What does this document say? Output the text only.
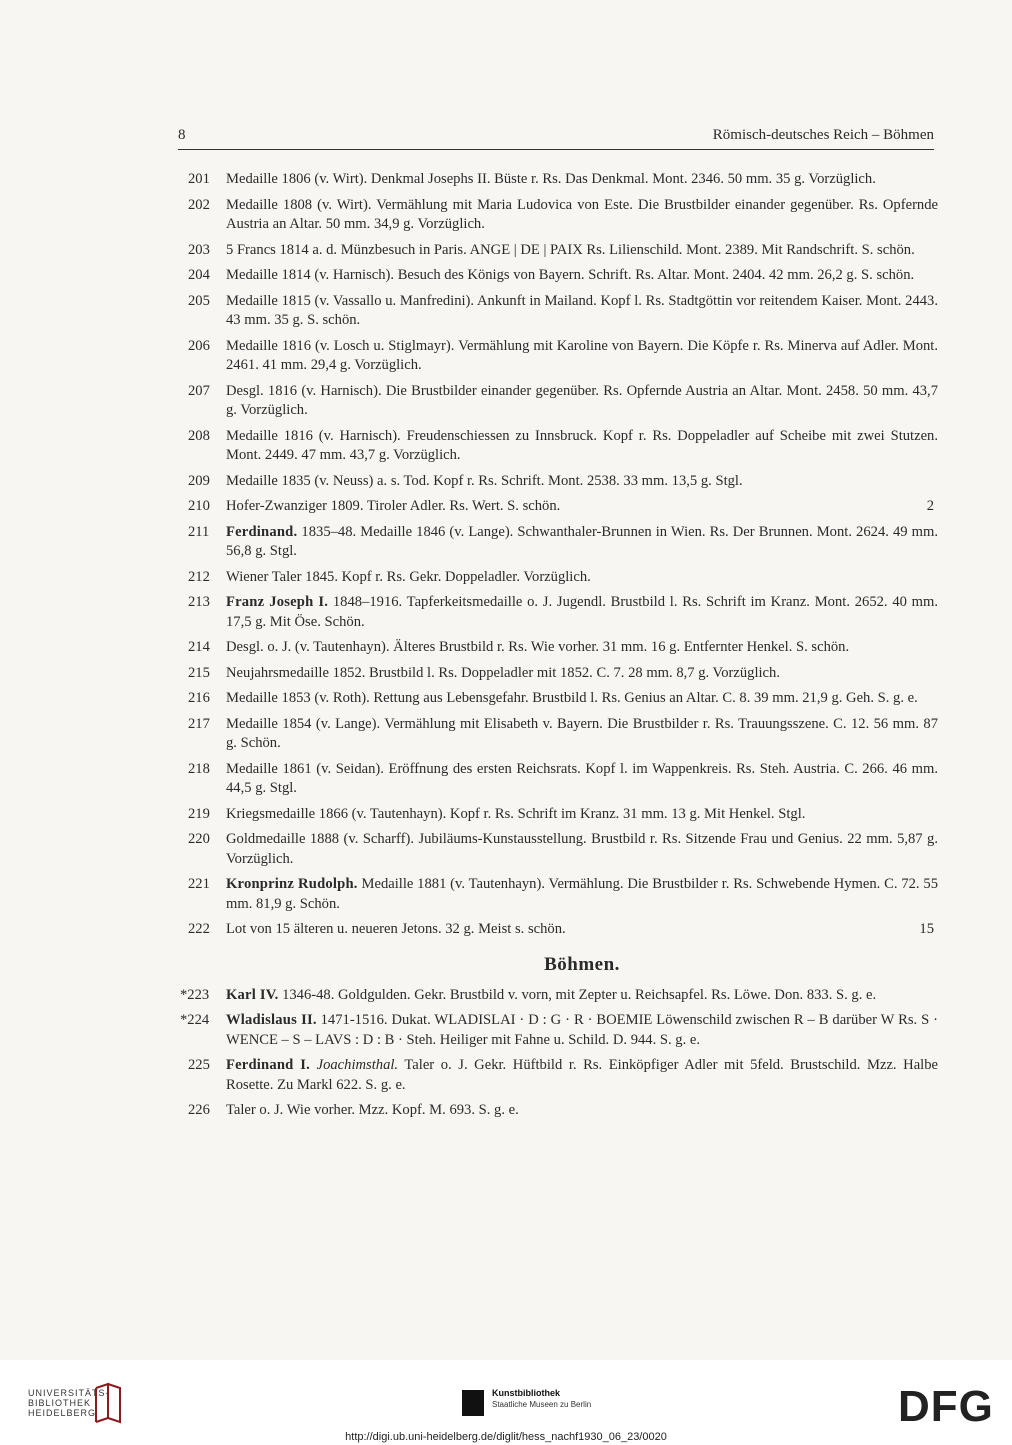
8	Römisch-deutsches Reich – Böhmen
201	Medaille 1806 (v. Wirt). Denkmal Josephs II. Büste r. Rs. Das Denkmal. Mont. 2346. 50 mm. 35 g. Vorzüglich.
202	Medaille 1808 (v. Wirt). Vermählung mit Maria Ludovica von Este. Die Brustbilder einander gegenüber. Rs. Opfernde Austria an Altar. 50 mm. 34,9 g. Vorzüglich.
203	5 Francs 1814 a. d. Münzbesuch in Paris. ANGE | DE | PAIX Rs. Lilienschild. Mont. 2389. Mit Randschrift. S. schön.
204	Medaille 1814 (v. Harnisch). Besuch des Königs von Bayern. Schrift. Rs. Altar. Mont. 2404. 42 mm. 26,2 g. S. schön.
205	Medaille 1815 (v. Vassallo u. Manfredini). Ankunft in Mailand. Kopf l. Rs. Stadtgöttin vor reitendem Kaiser. Mont. 2443. 43 mm. 35 g. S. schön.
206	Medaille 1816 (v. Losch u. Stiglmayr). Vermählung mit Karoline von Bayern. Die Köpfe r. Rs. Minerva auf Adler. Mont. 2461. 41 mm. 29,4 g. Vorzüglich.
207	Desgl. 1816 (v. Harnisch). Die Brustbilder einander gegenüber. Rs. Opfernde Austria an Altar. Mont. 2458. 50 mm. 43,7 g. Vorzüglich.
208	Medaille 1816 (v. Harnisch). Freudenschiessen zu Innsbruck. Kopf r. Rs. Doppeladler auf Scheibe mit zwei Stutzen. Mont. 2449. 47 mm. 43,7 g. Vorzüglich.
209	Medaille 1835 (v. Neuss) a. s. Tod. Kopf r. Rs. Schrift. Mont. 2538. 33 mm. 13,5 g. Stgl.
210	Hofer-Zwanziger 1809. Tiroler Adler. Rs. Wert. S. schön.	2
211	Ferdinand. 1835–48. Medaille 1846 (v. Lange). Schwanthaler-Brunnen in Wien. Rs. Der Brunnen. Mont. 2624. 49 mm. 56,8 g. Stgl.
212	Wiener Taler 1845. Kopf r. Rs. Gekr. Doppeladler. Vorzüglich.
213	Franz Joseph I. 1848–1916. Tapferkeitsmedaille o. J. Jugendl. Brustbild l. Rs. Schrift im Kranz. Mont. 2652. 40 mm. 17,5 g. Mit Öse. Schön.
214	Desgl. o. J. (v. Tautenhayn). Älteres Brustbild r. Rs. Wie vorher. 31 mm. 16 g. Entfernter Henkel. S. schön.
215	Neujahrsmedaille 1852. Brustbild l. Rs. Doppeladler mit 1852. C. 7. 28 mm. 8,7 g. Vorzüglich.
216	Medaille 1853 (v. Roth). Rettung aus Lebensgefahr. Brustbild l. Rs. Genius an Altar. C. 8. 39 mm. 21,9 g. Geh. S. g. e.
217	Medaille 1854 (v. Lange). Vermählung mit Elisabeth v. Bayern. Die Brustbilder r. Rs. Trauungsszene. C. 12. 56 mm. 87 g. Schön.
218	Medaille 1861 (v. Seidan). Eröffnung des ersten Reichsrats. Kopf l. im Wappenkreis. Rs. Steh. Austria. C. 266. 46 mm. 44,5 g. Stgl.
219	Kriegsmedaille 1866 (v. Tautenhayn). Kopf r. Rs. Schrift im Kranz. 31 mm. 13 g. Mit Henkel. Stgl.
220	Goldmedaille 1888 (v. Scharff). Jubiläums-Kunstausstellung. Brustbild r. Rs. Sitzende Frau und Genius. 22 mm. 5,87 g. Vorzüglich.
221	Kronprinz Rudolph. Medaille 1881 (v. Tautenhayn). Vermählung. Die Brustbilder r. Rs. Schwebende Hymen. C. 72. 55 mm. 81,9 g. Schön.
222	Lot von 15 älteren u. neueren Jetons. 32 g. Meist s. schön.	15
Böhmen.
*223 Karl IV. 1346-48. Goldgulden. Gekr. Brustbild v. vorn, mit Zepter u. Reichsapfel. Rs. Löwe. Don. 833. S. g. e.
*224 Wladislaus II. 1471-1516. Dukat. WLADISLAI · D : G · R · BOEMIE Löwenschild zwischen R – B darüber W Rs. S · WENCE – S – LAVS : D : B · Steh. Heiliger mit Fahne u. Schild. D. 944. S. g. e.
225	Ferdinand I. Joachimsthal. Taler o. J. Gekr. Hüftbild r. Rs. Einköpfiger Adler mit 5feld. Brustschild. Mzz. Halbe Rosette. Zu Markl 622. S. g. e.
226	Taler o. J. Wie vorher. Mzz. Kopf. M. 693. S. g. e.
UNIVERSITÄTS-
BIBLIOTHEK
HEIDELBERG
Kunstbibliothek
Staatliche Museen zu Berlin	DFG
http://digi.ub.uni-heidelberg.de/diglit/hess_nachf1930_06_23/0020
